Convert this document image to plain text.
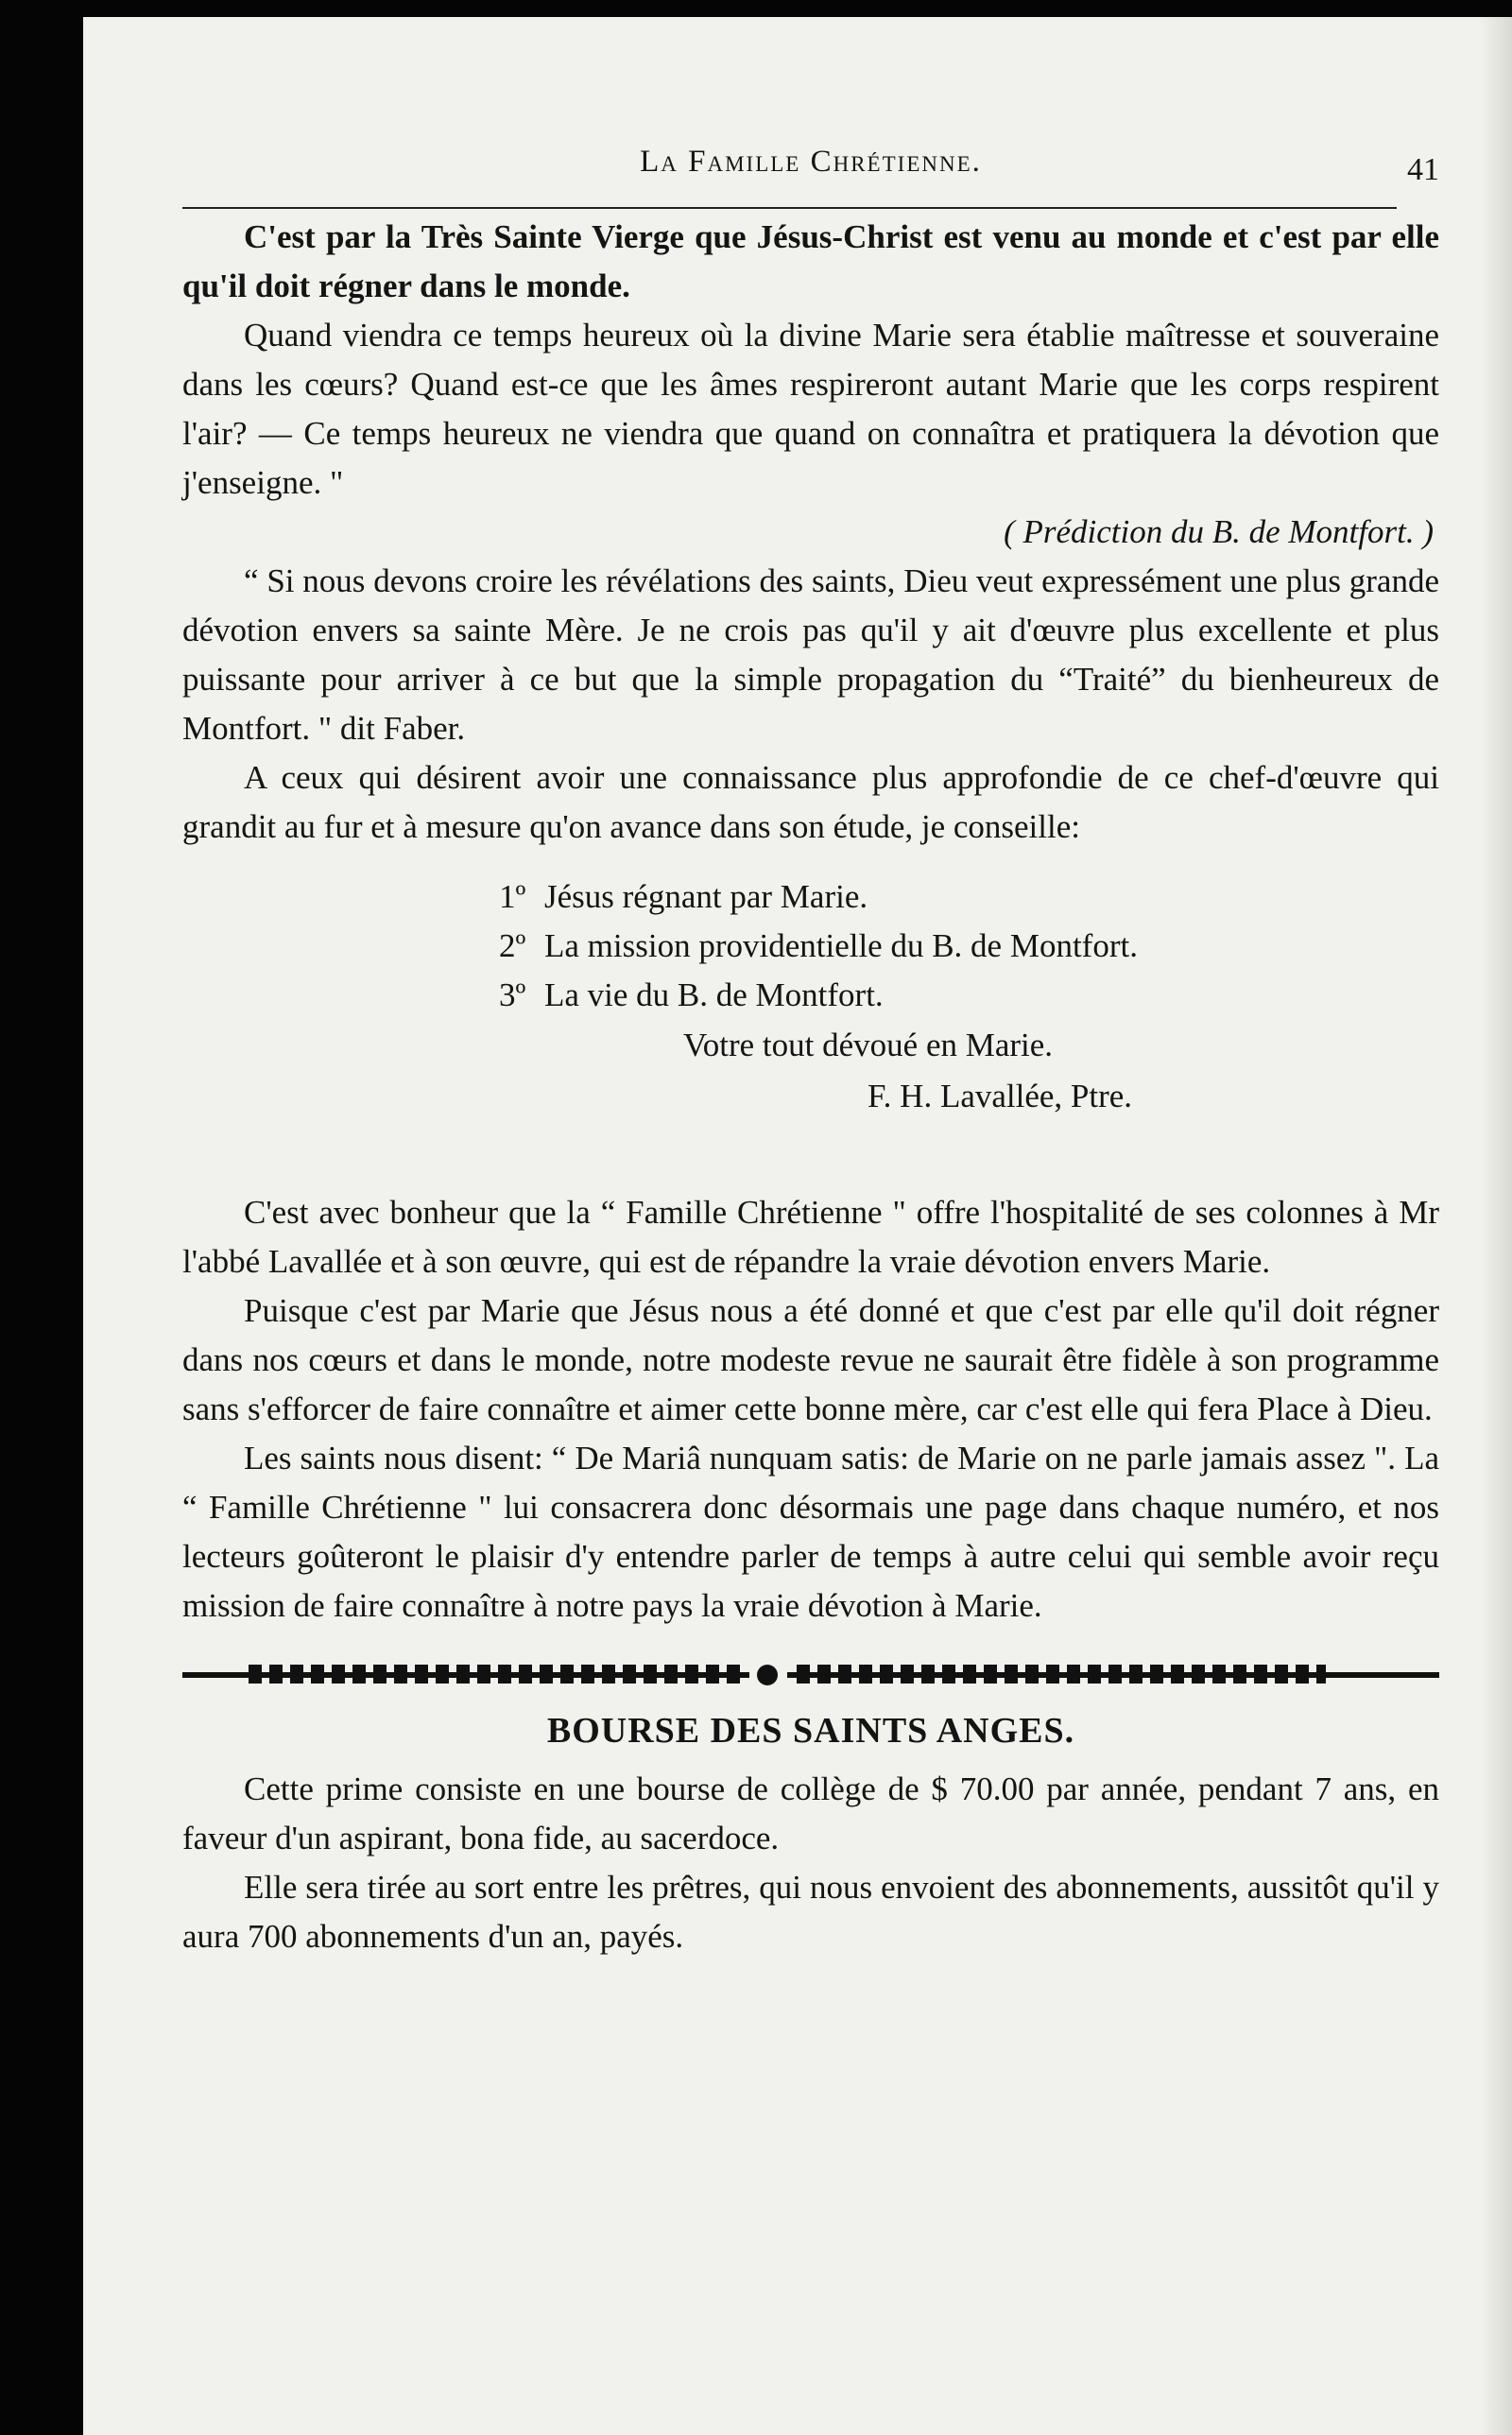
La Famille Chrétienne.	41

C'est par la Très Sainte Vierge que Jésus-Christ est venu au monde et c'est par elle qu'il doit régner dans le monde.

Quand viendra ce temps heureux où la divine Marie sera établie maîtresse et souveraine dans les cœurs? Quand est-ce que les âmes respireront autant Marie que les corps respirent l'air? — Ce temps heureux ne viendra que quand on connaîtra et pratiquera la dévotion que j'enseigne. "

( Prédiction du B. de Montfort. )

“ Si nous devons croire les révélations des saints, Dieu veut expressément une plus grande dévotion envers sa sainte Mère. Je ne crois pas qu'il y ait d'œuvre plus excellente et plus puissante pour arriver à ce but que la simple propagation du “Traité” du bienheureux de Montfort. " dit Faber.

A ceux qui désirent avoir une connaissance plus approfondie de ce chef-d'œuvre qui grandit au fur et à mesure qu'on avance dans son étude, je conseille:

1º Jésus régnant par Marie.
2º La mission providentielle du B. de Montfort.
3º La vie du B. de Montfort.
Votre tout dévoué en Marie.
F. H. Lavallée, Ptre.

C'est avec bonheur que la “ Famille Chrétienne " offre l'hospitalité de ses colonnes à Mr l'abbé Lavallée et à son œuvre, qui est de répandre la vraie dévotion envers Marie.

Puisque c'est par Marie que Jésus nous a été donné et que c'est par elle qu'il doit régner dans nos cœurs et dans le monde, notre modeste revue ne saurait être fidèle à son programme sans s'efforcer de faire connaître et aimer cette bonne mère, car c'est elle qui fera Place à Dieu.

Les saints nous disent: “ De Mariâ nunquam satis: de Marie on ne parle jamais assez ". La “ Famille Chrétienne " lui consacrera donc désormais une page dans chaque numéro, et nos lecteurs goûteront le plaisir d'y entendre parler de temps à autre celui qui semble avoir reçu mission de faire connaître à notre pays la vraie dévotion à Marie.

BOURSE DES SAINTS ANGES.

Cette prime consiste en une bourse de collège de $ 70.00 par année, pendant 7 ans, en faveur d'un aspirant, bona fide, au sacerdoce.

Elle sera tirée au sort entre les prêtres, qui nous envoient des abonnements, aussitôt qu'il y aura 700 abonnements d'un an, payés.
